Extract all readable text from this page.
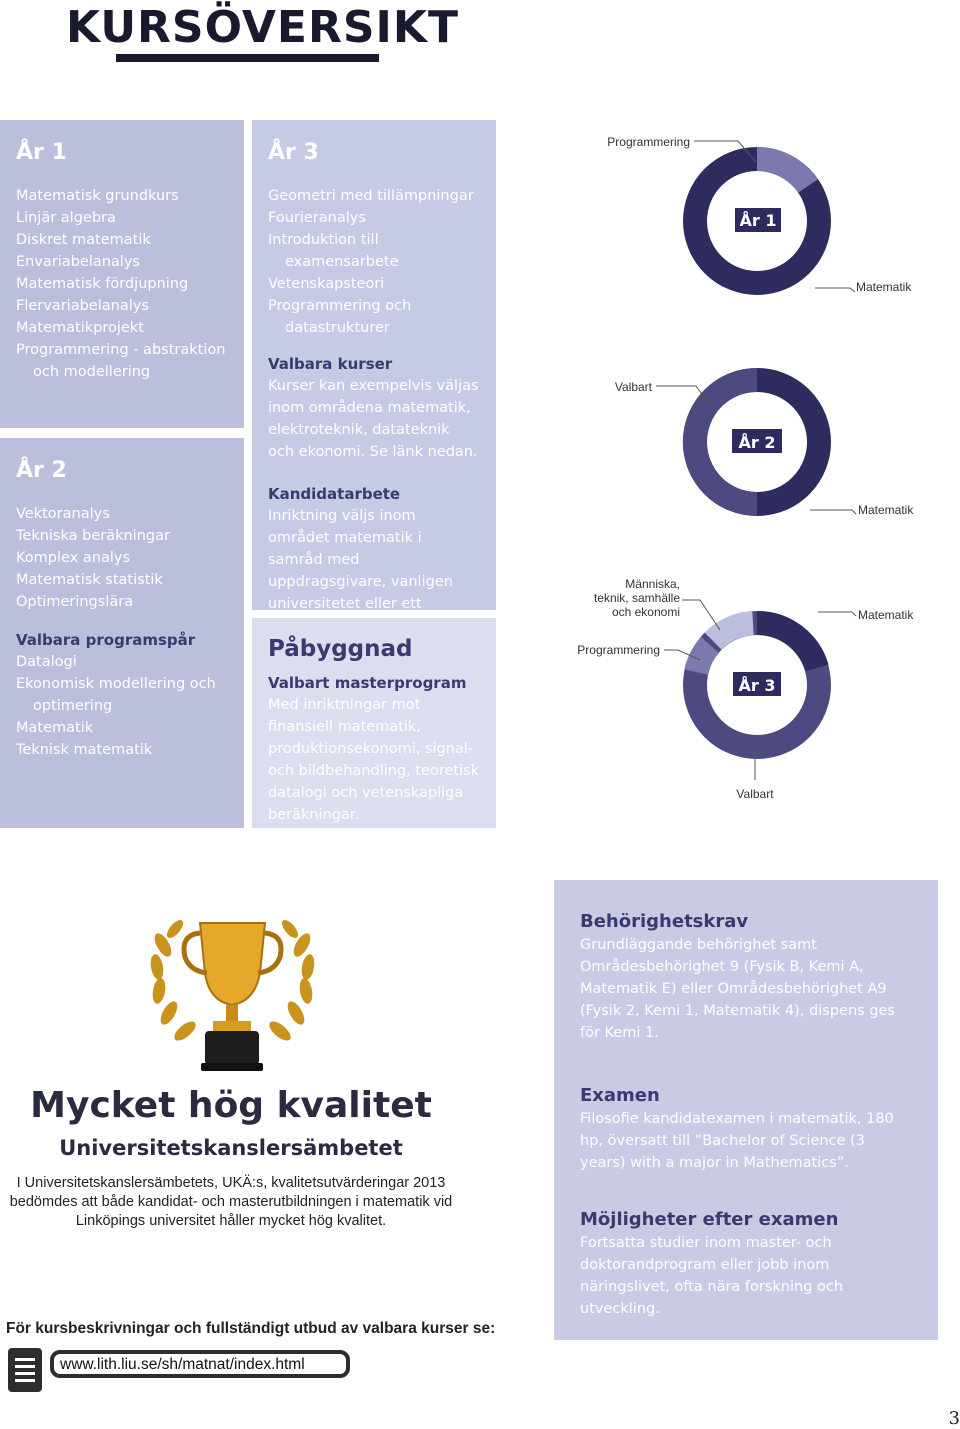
KURSÖVERSIKT
År 1
Matematisk grundkurs
Linjär algebra
Diskret matematik
Envariabelanalys
Matematisk fördjupning
Flervariabelanalys
Matematikprojekt
Programmering - abstraktion
och modellering
År 2
Vektoranalys
Tekniska beräkningar
Komplex analys
Matematisk statistik
Optimeringslära
Valbara programspår
Datalogi
Ekonomisk modellering och
optimering
Matematik
Teknisk matematik
År 3
Geometri med tillämpningar
Fourieranalys
Introduktion till
examensarbete
Vetenskapsteori
Programmering och
datastrukturer
Valbara kurser
Kurser kan exempelvis väljas inom områdena matematik, elektroteknik, datateknik och ekonomi. Se länk nedan.
Kandidatarbete
Inriktning väljs inom området matematik i samråd med uppdragsgivare, vanligen universitetet eller ett
Påbyggnad
Valbart masterprogram
Med inriktningar mot finansiell matematik, produktionsekonomi, signal- och bildbehandling, teoretisk datalogi och vetenskapliga beräkningar.
År 1
Programmering
Matematik
År 2
Valbart
Matematik
År 3
Människa,
teknik, samhälle
och ekonomi
Programmering
Matematik
Valbart
Mycket hög kvalitet
Universitetskanslersämbetet

I Universitetskanslersämbetets, UKÄ:s, kvalitetsutvärderingar 2013 bedömdes att både kandidat- och masterutbildningen i matematik vid Linköpings universitet håller mycket hög kvalitet.

Behörighetskrav

Grundläggande behörighet samt Områdesbehörighet 9 (Fysik B, Kemi A, Matematik E) eller Områdesbehörighet A9 (Fysik 2, Kemi 1, Matematik 4), dispens ges för Kemi 1.

Examen

Filosofie kandidatexamen i matematik, 180 hp, översatt till ”Bachelor of Science (3 years) with a major in Mathematics”.

Möjligheter efter examen

Fortsatta studier inom master- och doktorandprogram eller jobb inom näringslivet, ofta nära forskning och utveckling.

För kursbeskrivningar och fullständigt utbud av valbara kurser se:

www.lith.liu.se/sh/matnat/index.html
3
